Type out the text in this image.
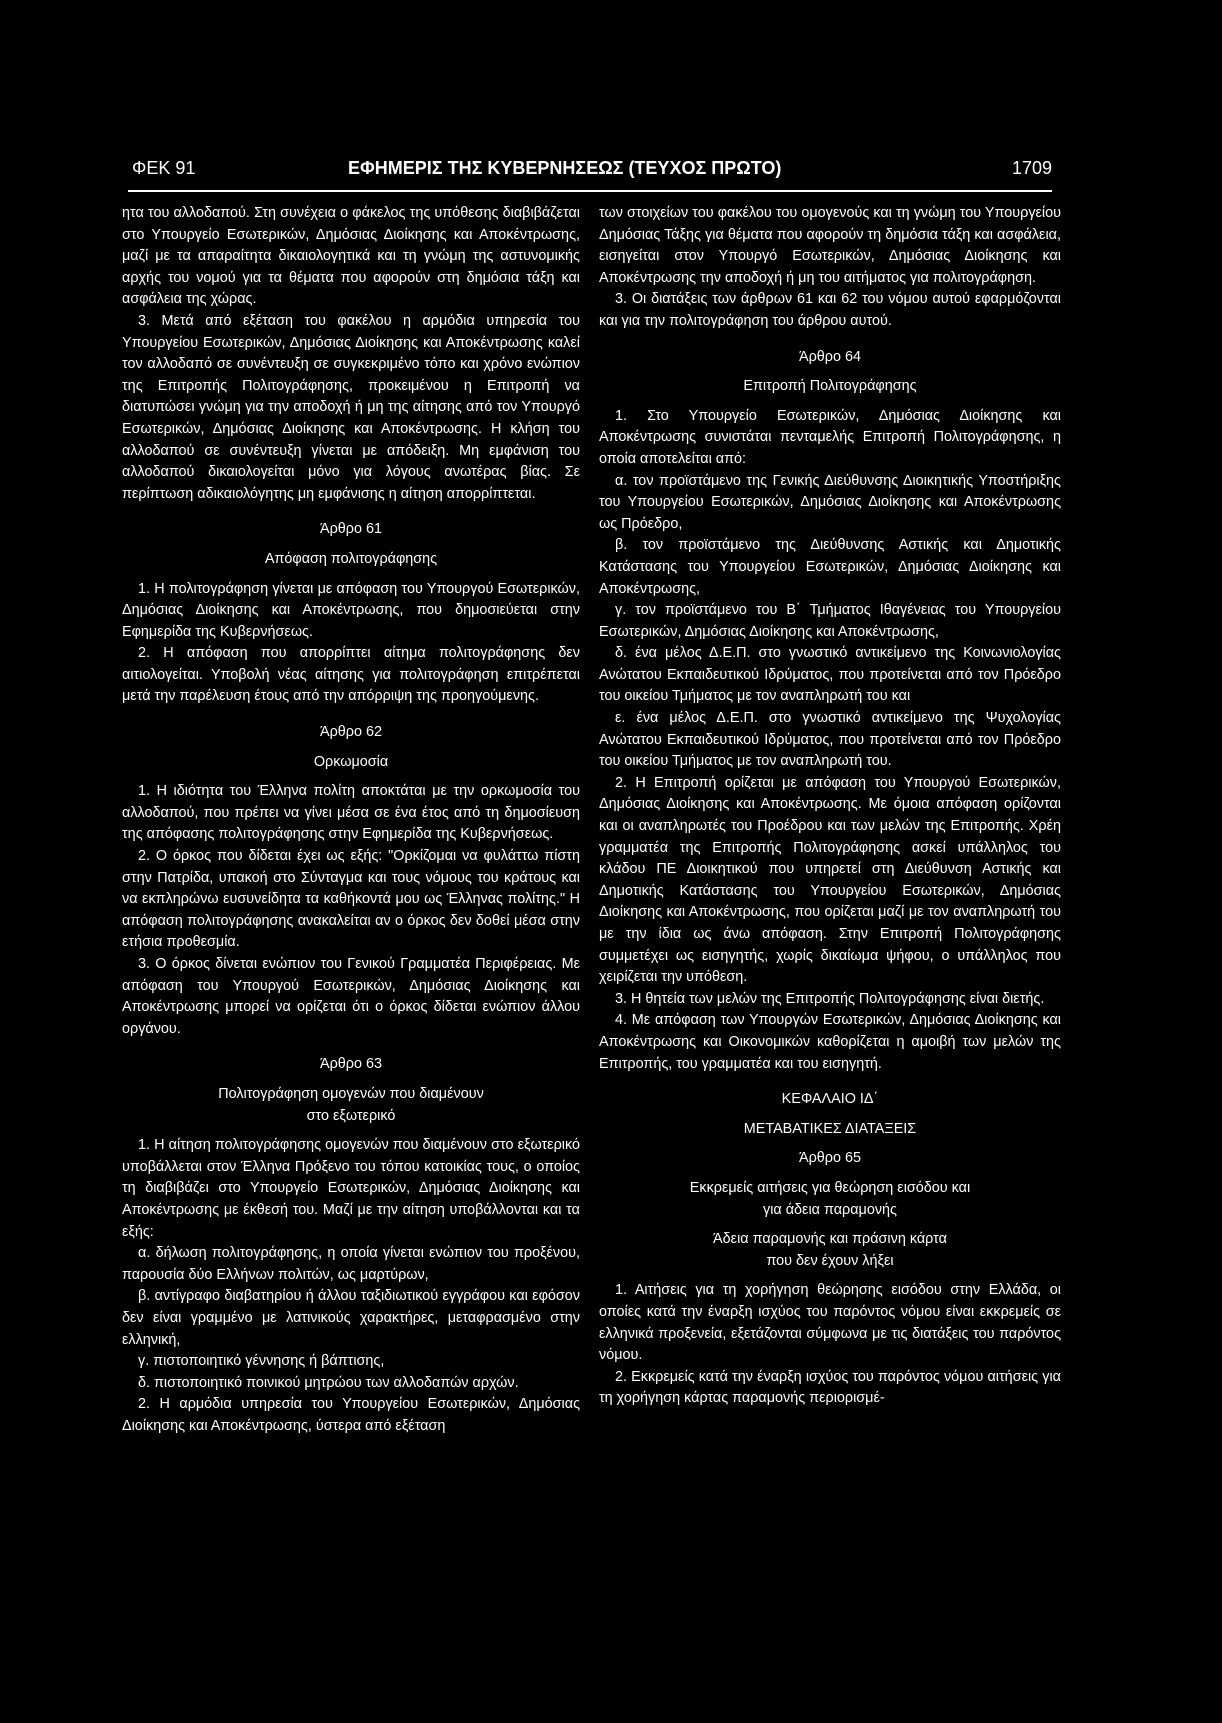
ΦΕΚ 91	ΕΦΗΜΕΡΙΣ ΤΗΣ ΚΥΒΕΡΝΗΣΕΩΣ (ΤΕΥΧΟΣ ΠΡΩΤΟ)	1709

ητα του αλλοδαπού. Στη συνέχεια ο φάκελος της υπόθεσης διαβιβάζεται στο Υπουργείο Εσωτερικών, Δημόσιας Διοίκησης και Αποκέντρωσης, μαζί με τα απαραίτητα δικαιολογητικά και τη γνώμη της αστυνομικής αρχής του νομού για τα θέματα που αφορούν στη δημόσια τάξη και ασφάλεια της χώρας.

3. Μετά από εξέταση του φακέλου η αρμόδια υπηρεσία του Υπουργείου Εσωτερικών, Δημόσιας Διοίκησης και Αποκέντρωσης καλεί τον αλλοδαπό σε συνέντευξη σε συγκεκριμένο τόπο και χρόνο ενώπιον της Επιτροπής Πολιτογράφησης, προκειμένου η Επιτροπή να διατυπώσει γνώμη για την αποδοχή ή μη της αίτησης από τον Υπουργό Εσωτερικών, Δημόσιας Διοίκησης και Αποκέντρωσης. Η κλήση του αλλοδαπού σε συνέντευξη γίνεται με απόδειξη. Μη εμφάνιση του αλλοδαπού δικαιολογείται μόνο για λόγους ανωτέρας βίας. Σε περίπτωση αδικαιολόγητης μη εμφάνισης η αίτηση απορρίπτεται.

Άρθρο 61

Απόφαση πολιτογράφησης

1. Η πολιτογράφηση γίνεται με απόφαση του Υπουργού Εσωτερικών, Δημόσιας Διοίκησης και Αποκέντρωσης, που δημοσιεύεται στην Εφημερίδα της Κυβερνήσεως.

2. Η απόφαση που απορρίπτει αίτημα πολιτογράφησης δεν αιτιολογείται. Υποβολή νέας αίτησης για πολιτογράφηση επιτρέπεται μετά την παρέλευση έτους από την απόρριψη της προηγούμενης.

Άρθρο 62

Ορκωμοσία

1. Η ιδιότητα του Έλληνα πολίτη αποκτάται με την ορκωμοσία του αλλοδαπού, που πρέπει να γίνει μέσα σε ένα έτος από τη δημοσίευση της απόφασης πολιτογράφησης στην Εφημερίδα της Κυβερνήσεως.

2. Ο όρκος που δίδεται έχει ως εξής: "Ορκίζομαι να φυλάττω πίστη στην Πατρίδα, υπακοή στο Σύνταγμα και τους νόμους του κράτους και να εκπληρώνω ευσυνείδητα τα καθήκοντά μου ως Έλληνας πολίτης." Η απόφαση πολιτογράφησης ανακαλείται αν ο όρκος δεν δοθεί μέσα στην ετήσια προθεσμία.

3. Ο όρκος δίνεται ενώπιον του Γενικού Γραμματέα Περιφέρειας. Με απόφαση του Υπουργού Εσωτερικών, Δημόσιας Διοίκησης και Αποκέντρωσης μπορεί να ορίζεται ότι ο όρκος δίδεται ενώπιον άλλου οργάνου.

Άρθρο 63

Πολιτογράφηση ομογενών που διαμένουν

στο εξωτερικό

1. Η αίτηση πολιτογράφησης ομογενών που διαμένουν στο εξωτερικό υποβάλλεται στον Έλληνα Πρόξενο του τόπου κατοικίας τους, ο οποίος τη διαβιβάζει στο Υπουργείο Εσωτερικών, Δημόσιας Διοίκησης και Αποκέντρωσης με έκθεσή του. Μαζί με την αίτηση υποβάλλονται και τα εξής:

α. δήλωση πολιτογράφησης, η οποία γίνεται ενώπιον του προξένου, παρουσία δύο Ελλήνων πολιτών, ως μαρτύρων,

β. αντίγραφο διαβατηρίου ή άλλου ταξιδιωτικού εγγράφου και εφόσον δεν είναι γραμμένο με λατινικούς χαρακτήρες, μεταφρασμένο στην ελληνική,

γ. πιστοποιητικό γέννησης ή βάπτισης,

δ. πιστοποιητικό ποινικού μητρώου των αλλοδαπών αρχών.

2. Η αρμόδια υπηρεσία του Υπουργείου Εσωτερικών, Δημόσιας Διοίκησης και Αποκέντρωσης, ύστερα από εξέταση

των στοιχείων του φακέλου του ομογενούς και τη γνώμη του Υπουργείου Δημόσιας Τάξης για θέματα που αφορούν τη δημόσια τάξη και ασφάλεια, εισηγείται στον Υπουργό Εσωτερικών, Δημόσιας Διοίκησης και Αποκέντρωσης την αποδοχή ή μη του αιτήματος για πολιτογράφηση.

3. Οι διατάξεις των άρθρων 61 και 62 του νόμου αυτού εφαρμόζονται και για την πολιτογράφηση του άρθρου αυτού.

Άρθρο 64

Επιτροπή Πολιτογράφησης

1. Στο Υπουργείο Εσωτερικών, Δημόσιας Διοίκησης και Αποκέντρωσης συνιστάται πενταμελής Επιτροπή Πολιτογράφησης, η οποία αποτελείται από:

α. τον προϊστάμενο της Γενικής Διεύθυνσης Διοικητικής Υποστήριξης του Υπουργείου Εσωτερικών, Δημόσιας Διοίκησης και Αποκέντρωσης ως Πρόεδρο,

β. τον προϊστάμενο της Διεύθυνσης Αστικής και Δημοτικής Κατάστασης του Υπουργείου Εσωτερικών, Δημόσιας Διοίκησης και Αποκέντρωσης,

γ. τον προϊστάμενο του Β΄ Τμήματος Ιθαγένειας του Υπουργείου Εσωτερικών, Δημόσιας Διοίκησης και Αποκέντρωσης,

δ. ένα μέλος Δ.Ε.Π. στο γνωστικό αντικείμενο της Κοινωνιολογίας Ανώτατου Εκπαιδευτικού Ιδρύματος, που προτείνεται από τον Πρόεδρο του οικείου Τμήματος με τον αναπληρωτή του και

ε. ένα μέλος Δ.Ε.Π. στο γνωστικό αντικείμενο της Ψυχολογίας Ανώτατου Εκπαιδευτικού Ιδρύματος, που προτείνεται από τον Πρόεδρο του οικείου Τμήματος με τον αναπληρωτή του.

2. Η Επιτροπή ορίζεται με απόφαση του Υπουργού Εσωτερικών, Δημόσιας Διοίκησης και Αποκέντρωσης. Με όμοια απόφαση ορίζονται και οι αναπληρωτές του Προέδρου και των μελών της Επιτροπής. Χρέη γραμματέα της Επιτροπής Πολιτογράφησης ασκεί υπάλληλος του κλάδου ΠΕ Διοικητικού που υπηρετεί στη Διεύθυνση Αστικής και Δημοτικής Κατάστασης του Υπουργείου Εσωτερικών, Δημόσιας Διοίκησης και Αποκέντρωσης, που ορίζεται μαζί με τον αναπληρωτή του με την ίδια ως άνω απόφαση. Στην Επιτροπή Πολιτογράφησης συμμετέχει ως εισηγητής, χωρίς δικαίωμα ψήφου, ο υπάλληλος που χειρίζεται την υπόθεση.

3. Η θητεία των μελών της Επιτροπής Πολιτογράφησης είναι διετής.

4. Με απόφαση των Υπουργών Εσωτερικών, Δημόσιας Διοίκησης και Αποκέντρωσης και Οικονομικών καθορίζεται η αμοιβή των μελών της Επιτροπής, του γραμματέα και του εισηγητή.

ΚΕΦΑΛΑΙΟ ΙΔ΄

ΜΕΤΑΒΑΤΙΚΕΣ ΔΙΑΤΑΞΕΙΣ

Άρθρο 65

Εκκρεμείς αιτήσεις για θεώρηση εισόδου και

για άδεια παραμονής

Άδεια παραμονής και πράσινη κάρτα

που δεν έχουν λήξει

1. Αιτήσεις για τη χορήγηση θεώρησης εισόδου στην Ελλάδα, οι οποίες κατά την έναρξη ισχύος του παρόντος νόμου είναι εκκρεμείς σε ελληνικά προξενεία, εξετάζονται σύμφωνα με τις διατάξεις του παρόντος νόμου.

2. Εκκρεμείς κατά την έναρξη ισχύος του παρόντος νόμου αιτήσεις για τη χορήγηση κάρτας παραμονής περιορισμέ-
